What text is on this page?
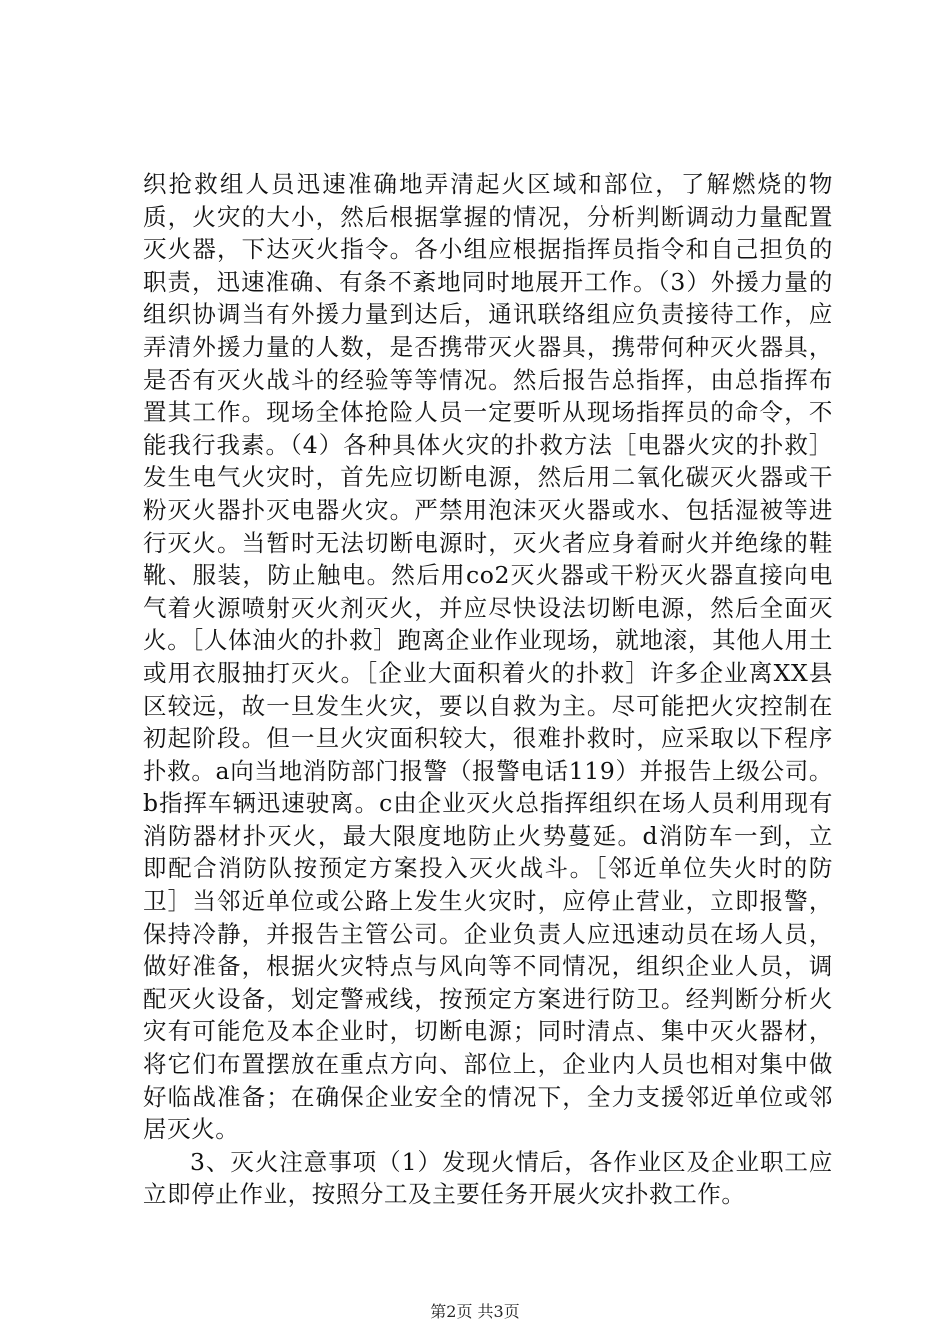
织抢救组人员迅速准确地弄清起火区域和部位，了解燃烧的物质，火灾的大小，然后根据掌握的情况，分析判断调动力量配置灭火器，下达灭火指令。各小组应根据指挥员指令和自己担负的职责，迅速准确、有条不紊地同时地展开工作。（3）外援力量的组织协调当有外援力量到达后，通讯联络组应负责接待工作，应弄清外援力量的人数，是否携带灭火器具，携带何种灭火器具，是否有灭火战斗的经验等等情况。然后报告总指挥，由总指挥布置其工作。现场全体抢险人员一定要听从现场指挥员的命令，不能我行我素。（4）各种具体火灾的扑救方法［电器火灾的扑救］发生电气火灾时，首先应切断电源，然后用二氧化碳灭火器或干粉灭火器扑灭电器火灾。严禁用泡沫灭火器或水、包括湿被等进行灭火。当暂时无法切断电源时，灭火者应身着耐火并绝缘的鞋靴、服装，防止触电。然后用co2灭火器或干粉灭火器直接向电气着火源喷射灭火剂灭火，并应尽快设法切断电源，然后全面灭火。［人体油火的扑救］跑离企业作业现场，就地滚，其他人用土或用衣服抽打灭火。［企业大面积着火的扑救］许多企业离XX县区较远，故一旦发生火灾，要以自救为主。尽可能把火灾控制在初起阶段。但一旦火灾面积较大，很难扑救时，应采取以下程序扑救。a向当地消防部门报警（报警电话119）并报告上级公司。b指挥车辆迅速驶离。c由企业灭火总指挥组织在场人员利用现有消防器材扑灭火，最大限度地防止火势蔓延。d消防车一到，立即配合消防队按预定方案投入灭火战斗。［邻近单位失火时的防卫］当邻近单位或公路上发生火灾时，应停止营业，立即报警，保持冷静，并报告主管公司。企业负责人应迅速动员在场人员，做好准备，根据火灾特点与风向等不同情况，组织企业人员，调配灭火设备，划定警戒线，按预定方案进行防卫。经判断分析火灾有可能危及本企业时，切断电源；同时清点、集中灭火器材，将它们布置摆放在重点方向、部位上，企业内人员也相对集中做好临战准备；在确保企业安全的情况下，全力支援邻近单位或邻居灭火。

3、灭火注意事项（1）发现火情后，各作业区及企业职工应立即停止作业，按照分工及主要任务开展火灾扑救工作。

第2页 共3页
